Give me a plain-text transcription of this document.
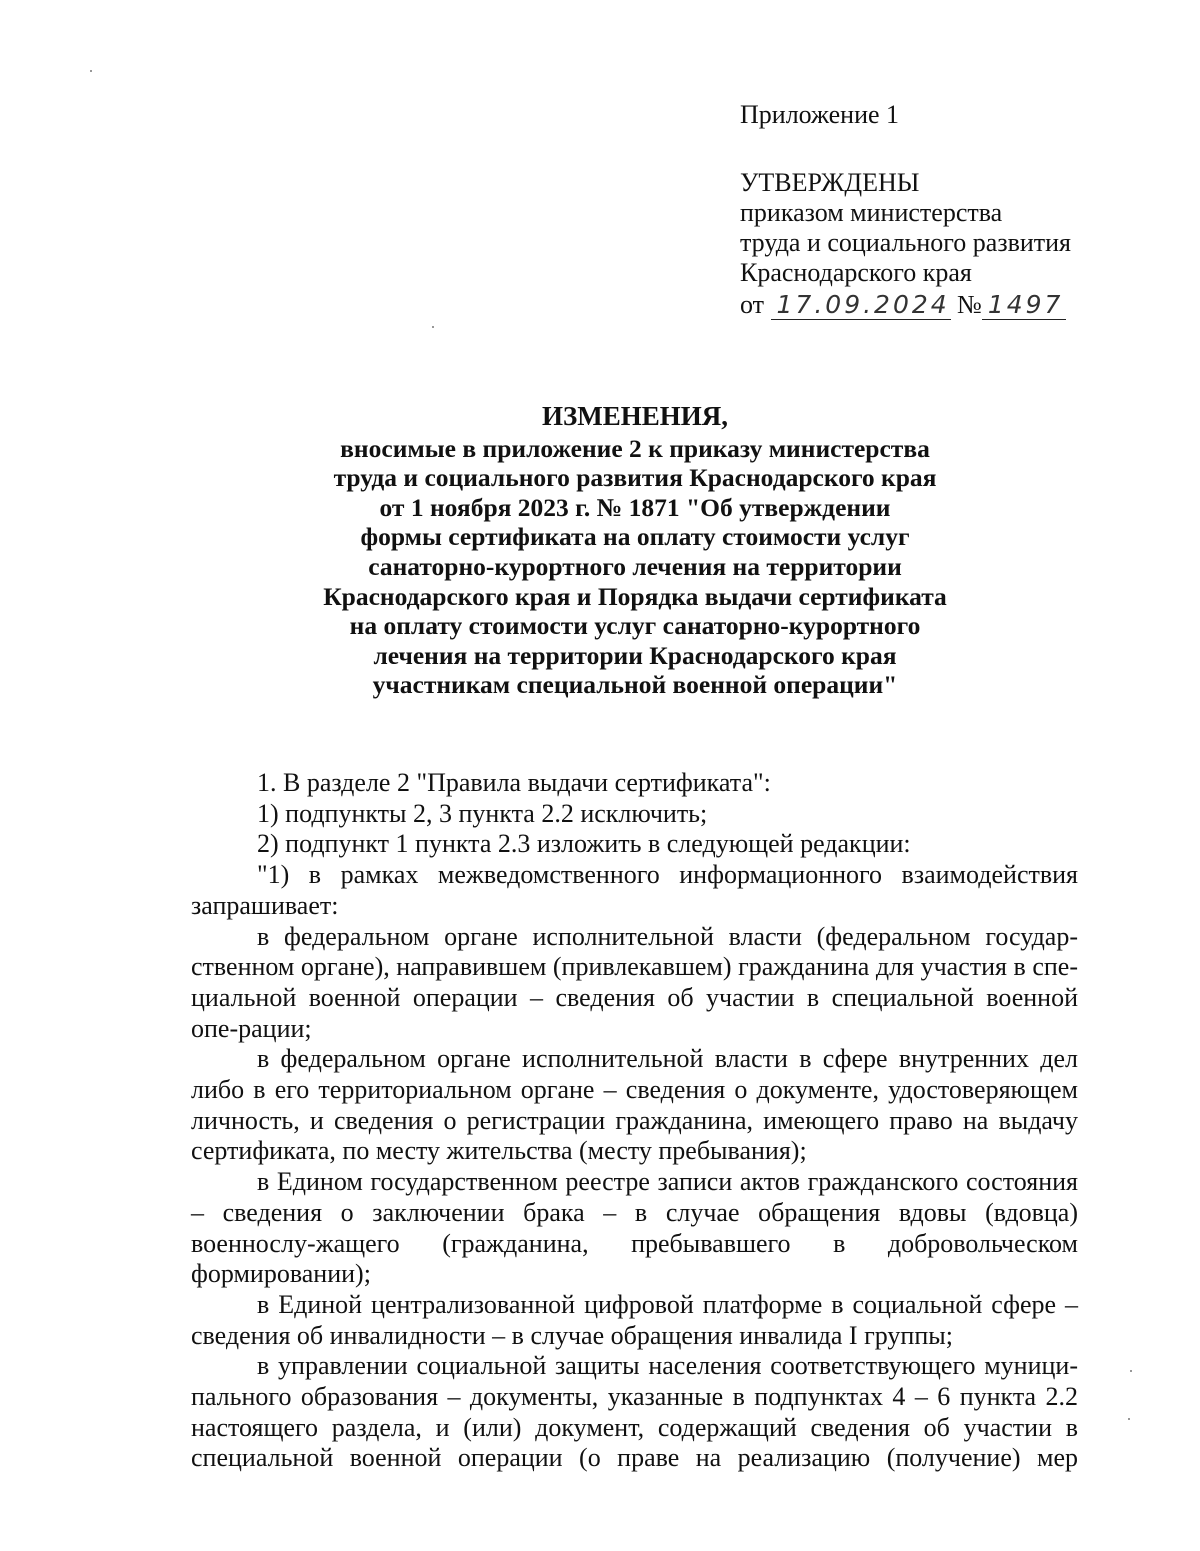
Приложение 1
УТВЕРЖДЕНЫ
приказом министерства
труда и социального развития
Краснодарского края
от 17.09.2024 № 1497
ИЗМЕНЕНИЯ,
вносимые в приложение 2 к приказу министерства
труда и социального развития Краснодарского края
от 1 ноября 2023 г. № 1871 "Об утверждении
формы сертификата на оплату стоимости услуг
санаторно-курортного лечения на территории
Краснодарского края и Порядка выдачи сертификата
на оплату стоимости услуг санаторно-курортного
лечения на территории Краснодарского края
участникам специальной военной операции"

1. В разделе 2 "Правила выдачи сертификата":

1) подпункты 2, 3 пункта 2.2 исключить;

2) подпункт 1 пункта 2.3 изложить в следующей редакции:

"1) в рамках межведомственного информационного взаимодействия запрашивает:

в федеральном органе исполнительной власти (федеральном государ-ственном органе), направившем (привлекавшем) гражданина для участия в спе-циальной военной операции – сведения об участии в специальной военной опе-рации;

в федеральном органе исполнительной власти в сфере внутренних дел либо в его территориальном органе – сведения о документе, удостоверяющем личность, и сведения о регистрации гражданина, имеющего право на выдачу сертификата, по месту жительства (месту пребывания);

в Едином государственном реестре записи актов гражданского состояния – сведения о заключении брака – в случае обращения вдовы (вдовца) военнослу-жащего (гражданина, пребывавшего в добровольческом формировании);

в Единой централизованной цифровой платформе в социальной сфере – сведения об инвалидности – в случае обращения инвалида I группы;

в управлении социальной защиты населения соответствующего муници-пального образования – документы, указанные в подпунктах 4 – 6 пункта 2.2 настоящего раздела, и (или) документ, содержащий сведения об участии в специальной военной операции (о праве на реализацию (получение) мер
